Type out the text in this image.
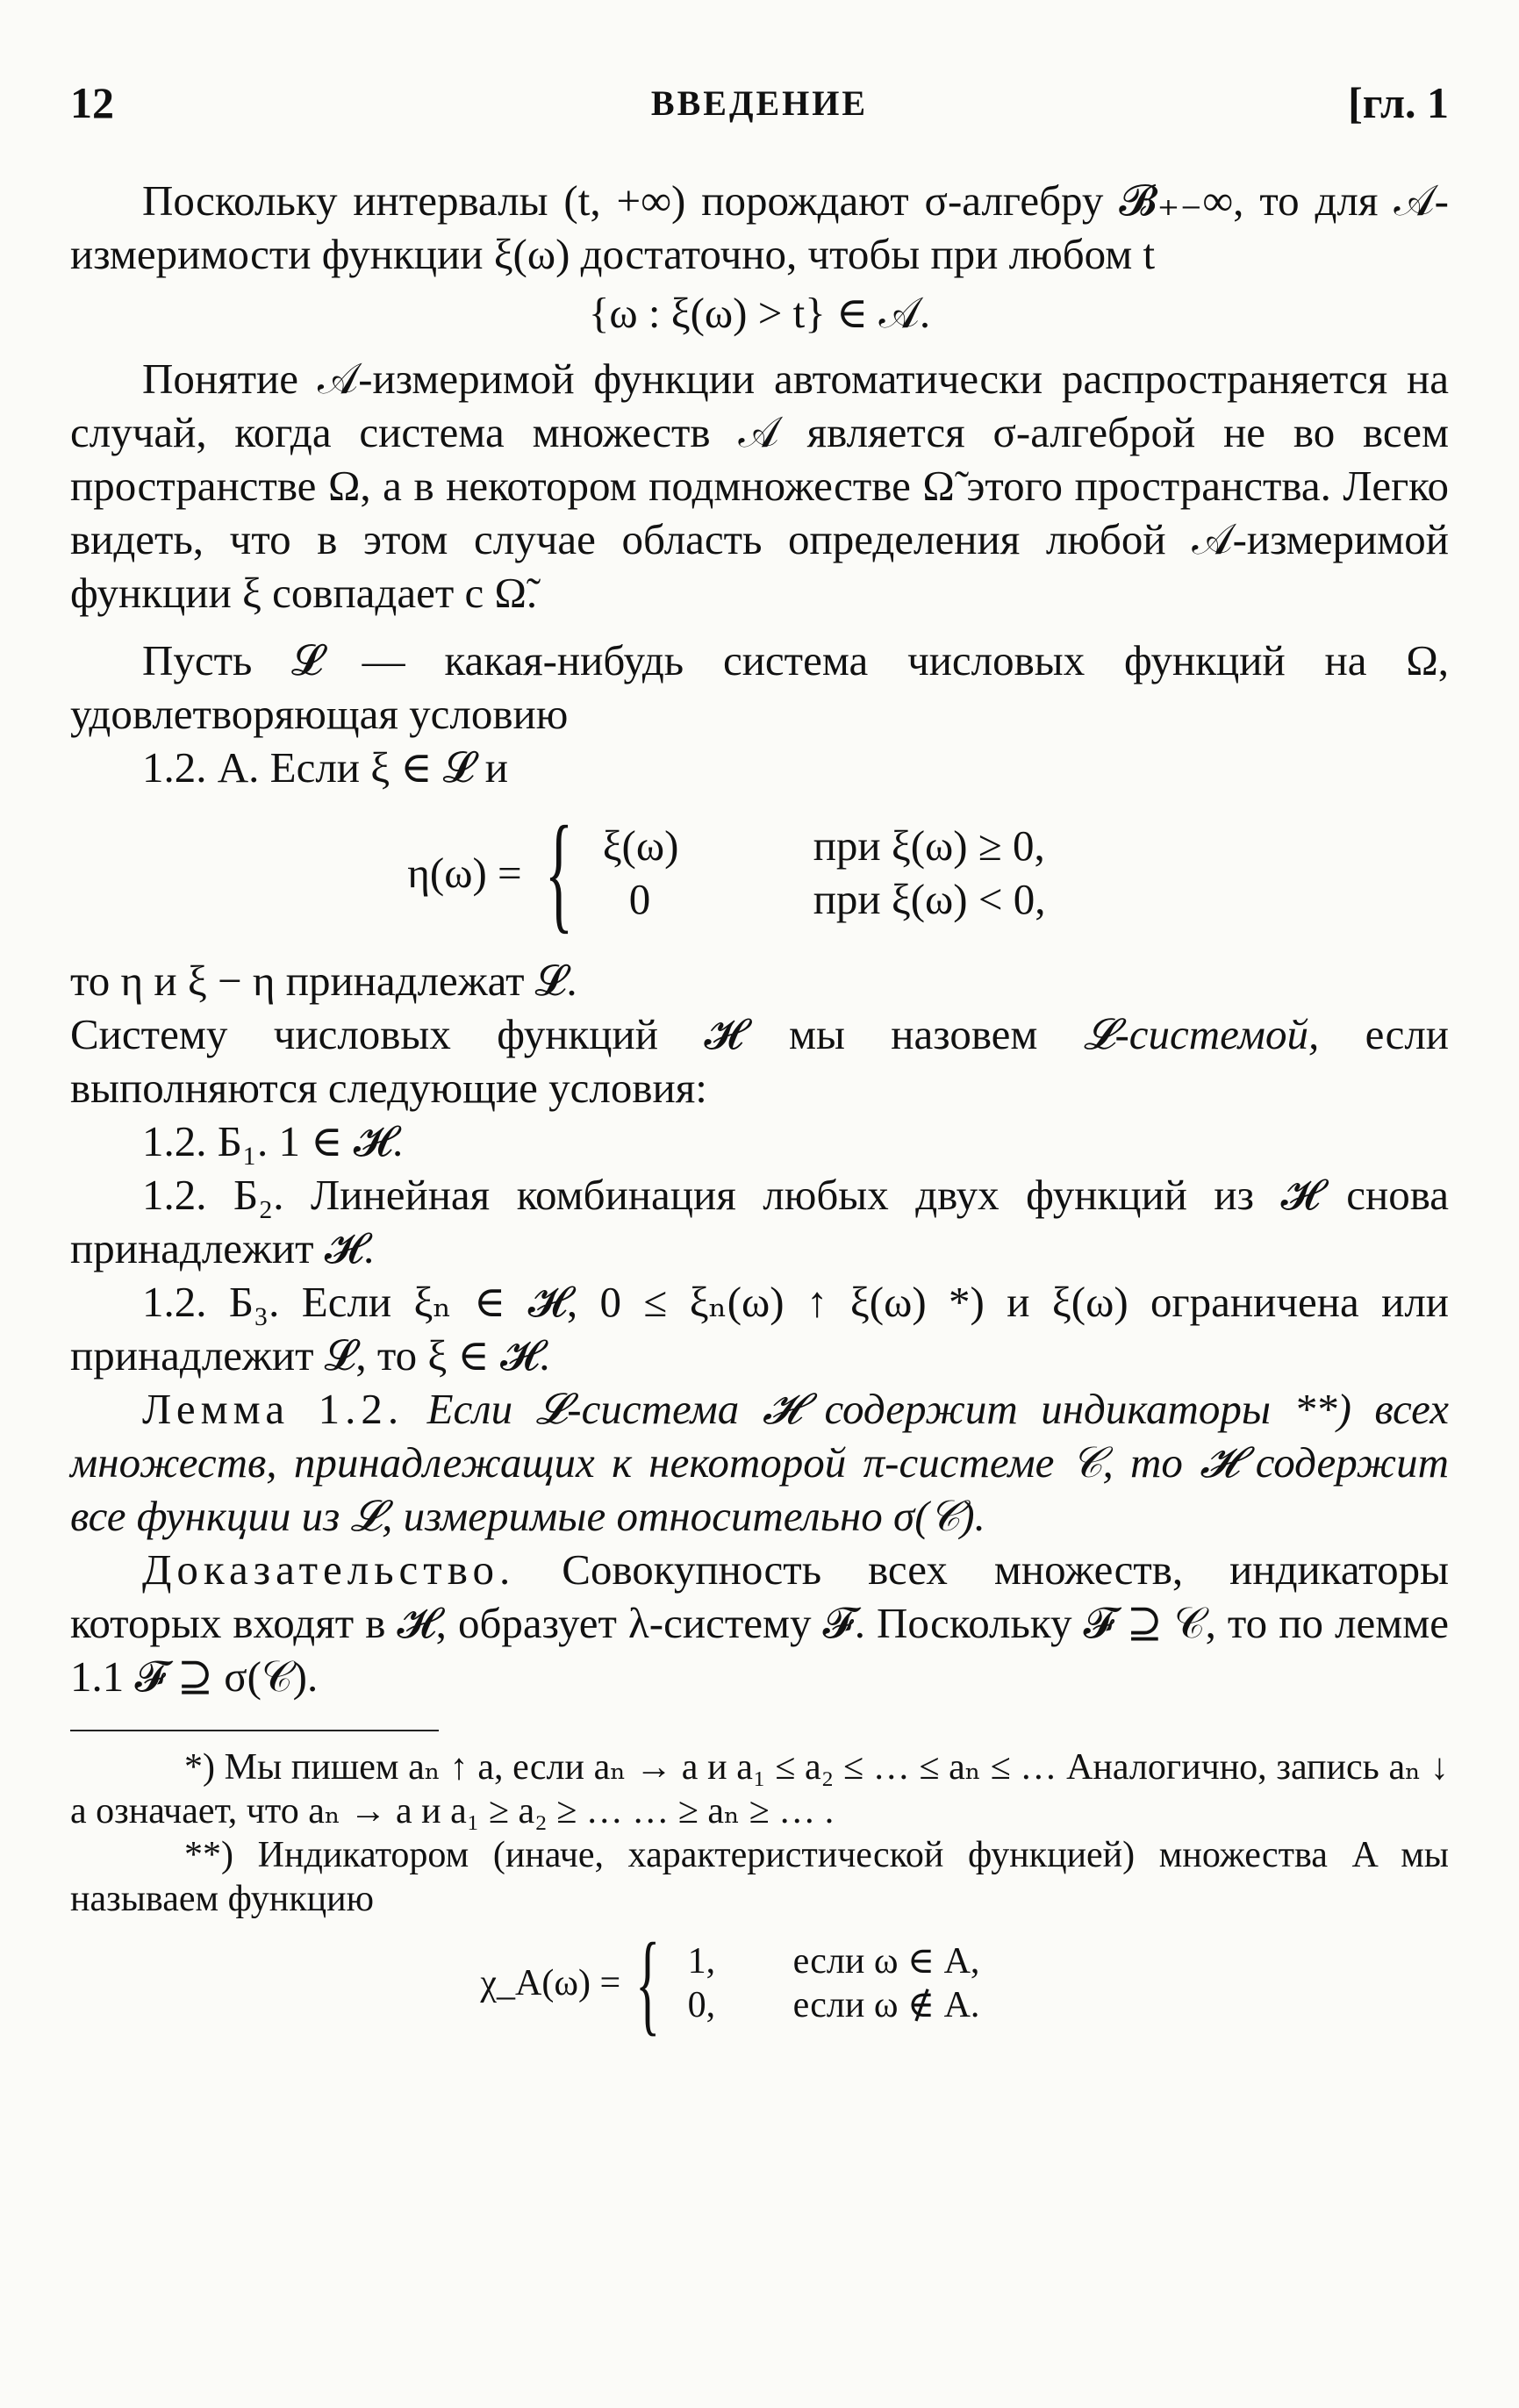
12	ВВЕДЕНИЕ	[гл. 1

Поскольку интервалы (t, +∞) порождают σ-алгебру 𝓑₊₋∞, то для 𝒜-измеримости функции ξ(ω) достаточно, чтобы при любом t

{ω : ξ(ω) > t} ∈ 𝒜.

Понятие 𝒜-измеримой функции автоматически распространяется на случай, когда система множеств 𝒜 является σ-алгеброй не во всем пространстве Ω, а в некотором подмножестве Ω̃ этого пространства. Легко видеть, что в этом случае область определения любой 𝒜-измеримой функции ξ совпадает с Ω̃.

Пусть 𝓛 — какая-нибудь система числовых функций на Ω, удовлетворяющая условию

1.2. А. Если ξ ∈ 𝓛 и

η(ω) = { ξ(ω)	при ξ(ω) ≥ 0,
0	при ξ(ω) < 0,

то η и ξ − η принадлежат 𝓛.

Систему числовых функций 𝓗 мы назовем 𝓛-системой, если выполняются следующие условия:

1.2. Б₁. 1 ∈ 𝓗.

1.2. Б₂. Линейная комбинация любых двух функций из 𝓗 снова принадлежит 𝓗.

1.2. Б₃. Если ξₙ ∈ 𝓗, 0 ≤ ξₙ(ω) ↑ ξ(ω) *) и ξ(ω) ограничена или принадлежит 𝓛, то ξ ∈ 𝓗.

Лемма 1.2. Если 𝓛-система 𝓗 содержит индикаторы **) всех множеств, принадлежащих к некоторой π-системе 𝒞, то 𝓗 содержит все функции из 𝓛, измеримые относительно σ(𝒞).

Доказательство. Совокупность всех множеств, индикаторы которых входят в 𝓗, образует λ-систему 𝓕. Поскольку 𝓕 ⊇ 𝒞, то по лемме 1.1 𝓕 ⊇ σ(𝒞).

*) Мы пишем aₙ ↑ a, если aₙ → a и a₁ ≤ a₂ ≤ … ≤ aₙ ≤ … Аналогично, запись aₙ ↓ a означает, что aₙ → a и a₁ ≥ a₂ ≥ … … ≥ aₙ ≥ … .

**) Индикатором (иначе, характеристической функцией) множества A мы называем функцию

χ_A(ω) = { 1,	если ω ∈ A,
0,	если ω ∉ A.
